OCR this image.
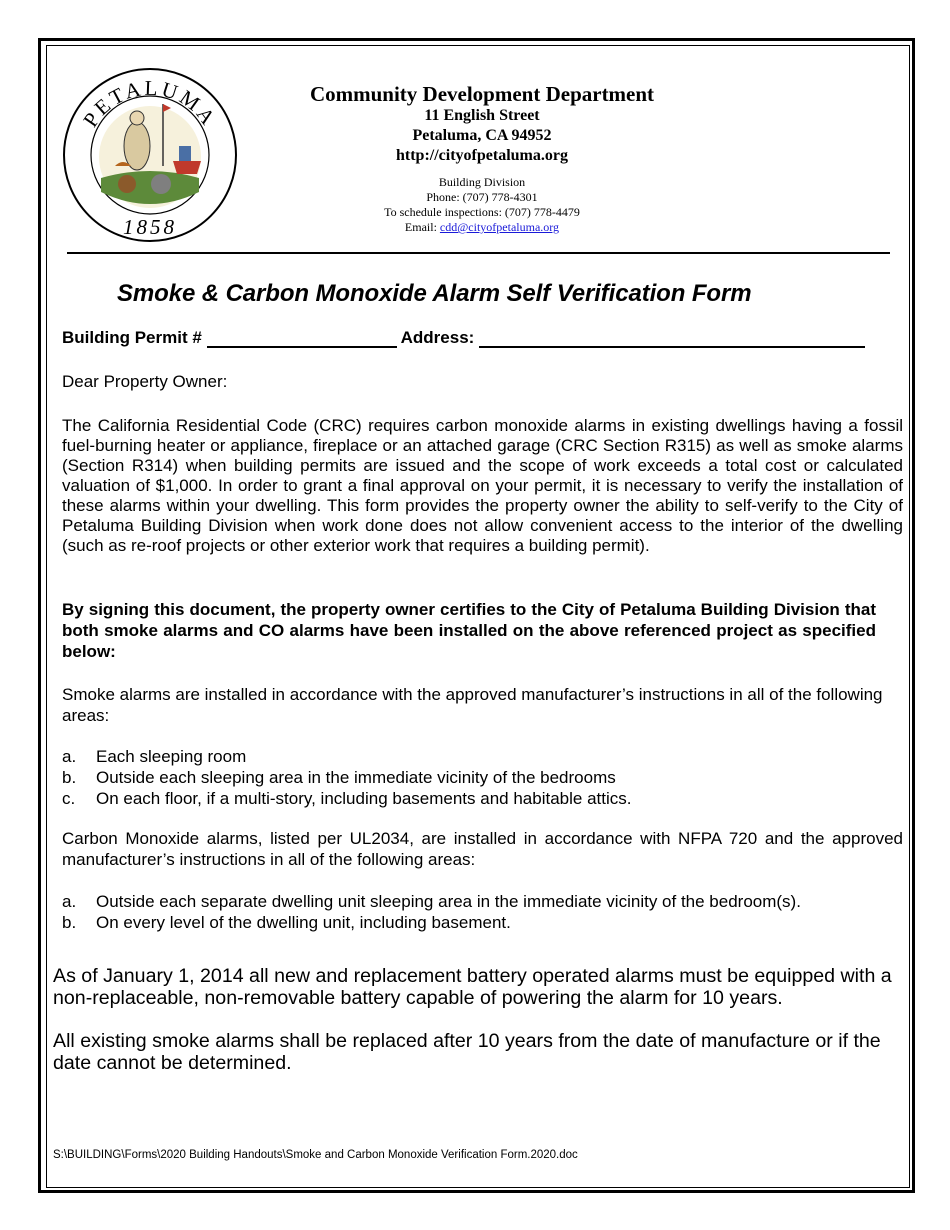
PETALUMA
1858
Community Development Department
11 English Street
Petaluma, CA 94952
http://cityofpetaluma.org
Building Division
Phone: (707) 778-4301
To schedule inspections: (707) 778-4479
Email: cdd@cityofpetaluma.org
Smoke & Carbon Monoxide Alarm Self Verification Form
Building Permit #	Address:
Dear Property Owner:
The California Residential Code (CRC) requires carbon monoxide alarms in existing dwellings having a fossil fuel-burning heater or appliance, fireplace or an attached garage (CRC Section R315) as well as smoke alarms (Section R314) when building permits are issued and the scope of work exceeds a total cost or calculated valuation of $1,000. In order to grant a final approval on your permit, it is necessary to verify the installation of these alarms within your dwelling. This form provides the property owner the ability to self-verify to the City of Petaluma Building Division when work done does not allow convenient access to the interior of the dwelling (such as re-roof projects or other exterior work that requires a building permit).
By signing this document, the property owner certifies to the City of Petaluma Building Division that both smoke alarms and CO alarms have been installed on the above referenced project as specified below:
Smoke alarms are installed in accordance with the approved manufacturer’s instructions in all of the following areas:
a. Each sleeping room
b. Outside each sleeping area in the immediate vicinity of the bedrooms
c. On each floor, if a multi-story, including basements and habitable attics.
Carbon Monoxide alarms, listed per UL2034, are installed in accordance with NFPA 720 and the approved manufacturer’s instructions in all of the following areas:
a. Outside each separate dwelling unit sleeping area in the immediate vicinity of the bedroom(s).
b. On every level of the dwelling unit, including basement.
As of January 1, 2014 all new and replacement battery operated alarms must be equipped with a non-replaceable, non-removable battery capable of powering the alarm for 10 years.
All existing smoke alarms shall be replaced after 10 years from the date of manufacture or if the date cannot be determined.
S:\BUILDING\Forms\2020 Building Handouts\Smoke and Carbon Monoxide Verification Form.2020.doc
